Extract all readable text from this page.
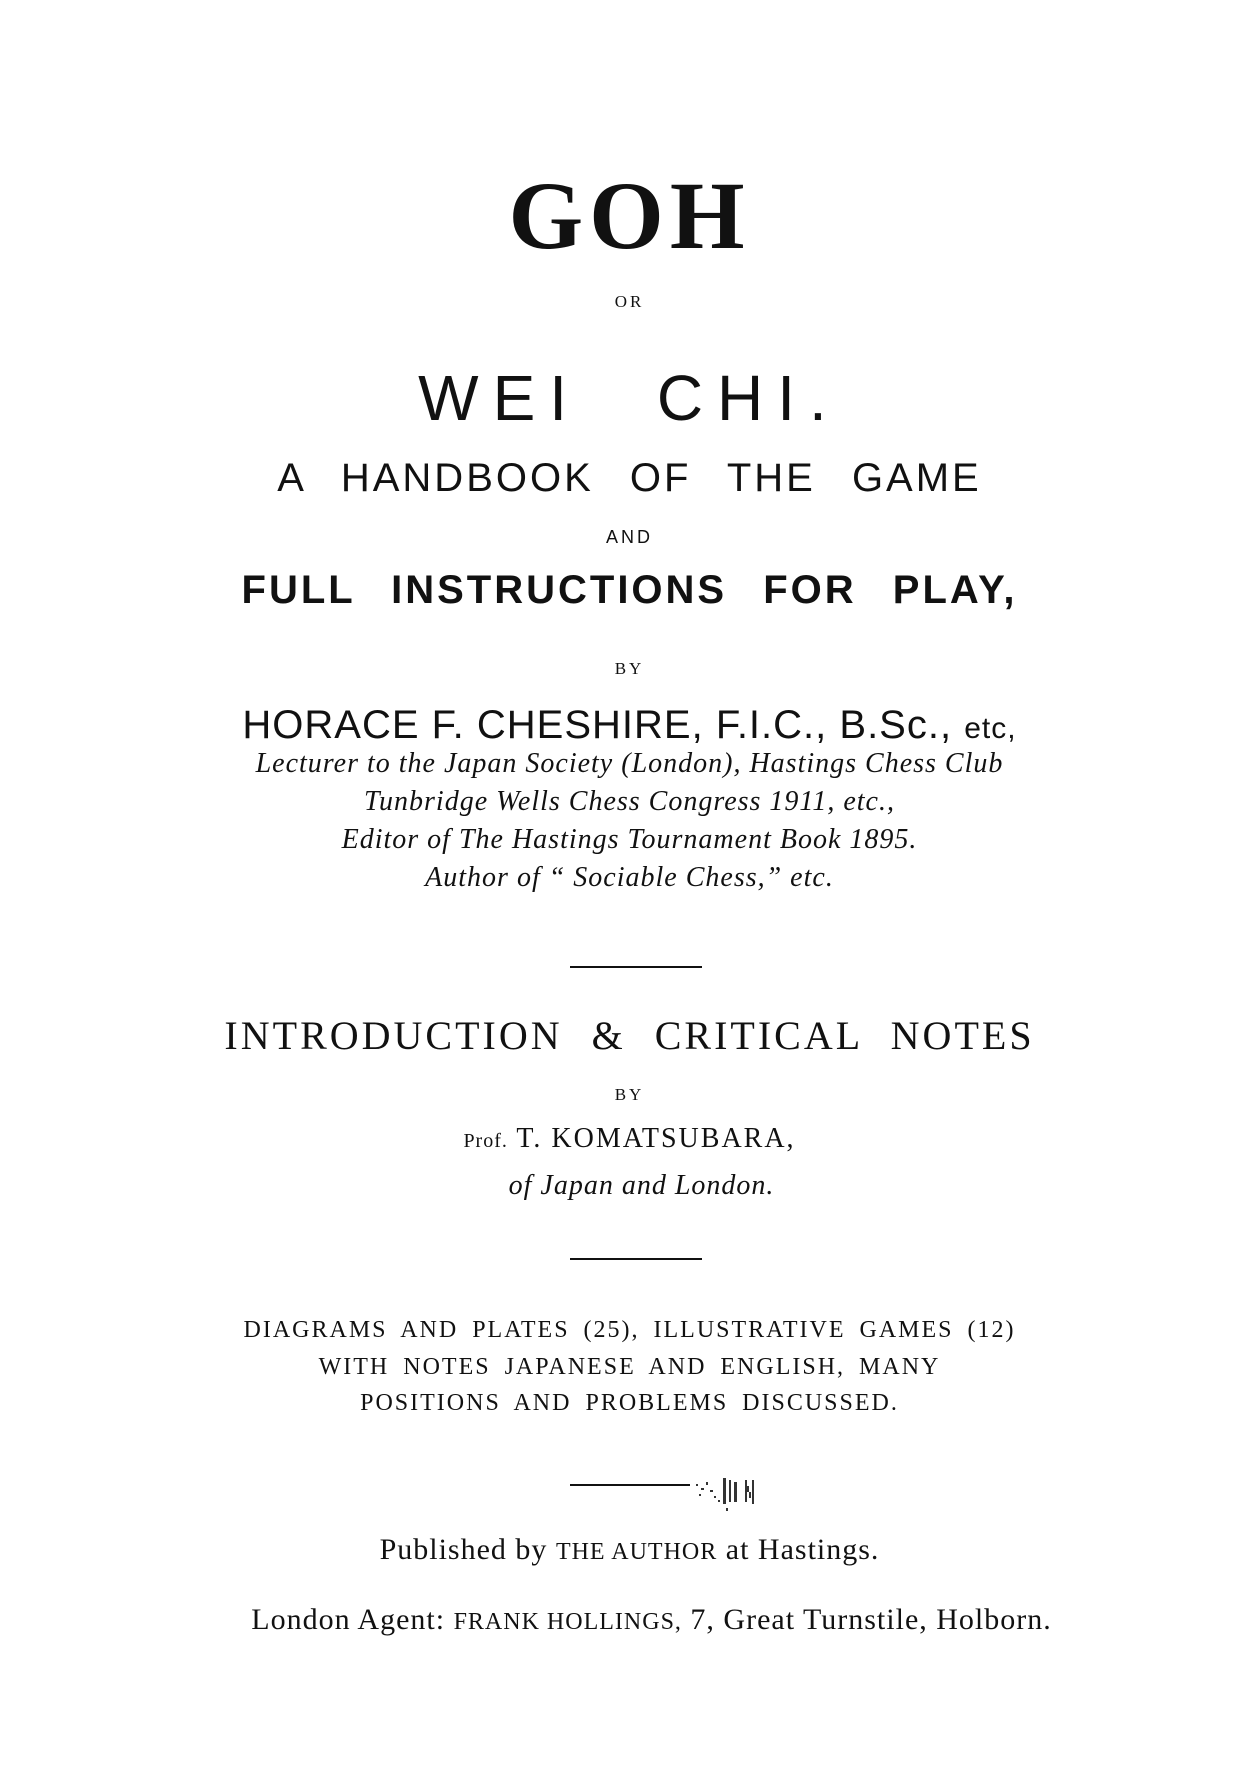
GOH
OR
WEI CHI.
A HANDBOOK OF THE GAME
AND
FULL INSTRUCTIONS FOR PLAY,
BY
HORACE F. CHESHIRE, F.I.C., B.Sc., etc,
Lecturer to the Japan Society (London), Hastings Chess Club
Tunbridge Wells Chess Congress 1911, etc.,
Editor of The Hastings Tournament Book 1895.
Author of “ Sociable Chess,” etc.
INTRODUCTION & CRITICAL NOTES
BY
Prof. T. KOMATSUBARA,
of Japan and London.
DIAGRAMS AND PLATES (25), ILLUSTRATIVE GAMES (12)
WITH NOTES JAPANESE AND ENGLISH, MANY
POSITIONS AND PROBLEMS DISCUSSED.
Published by THE AUTHOR at Hastings.
London Agent: FRANK HOLLINGS, 7, Great Turnstile, Holborn.
